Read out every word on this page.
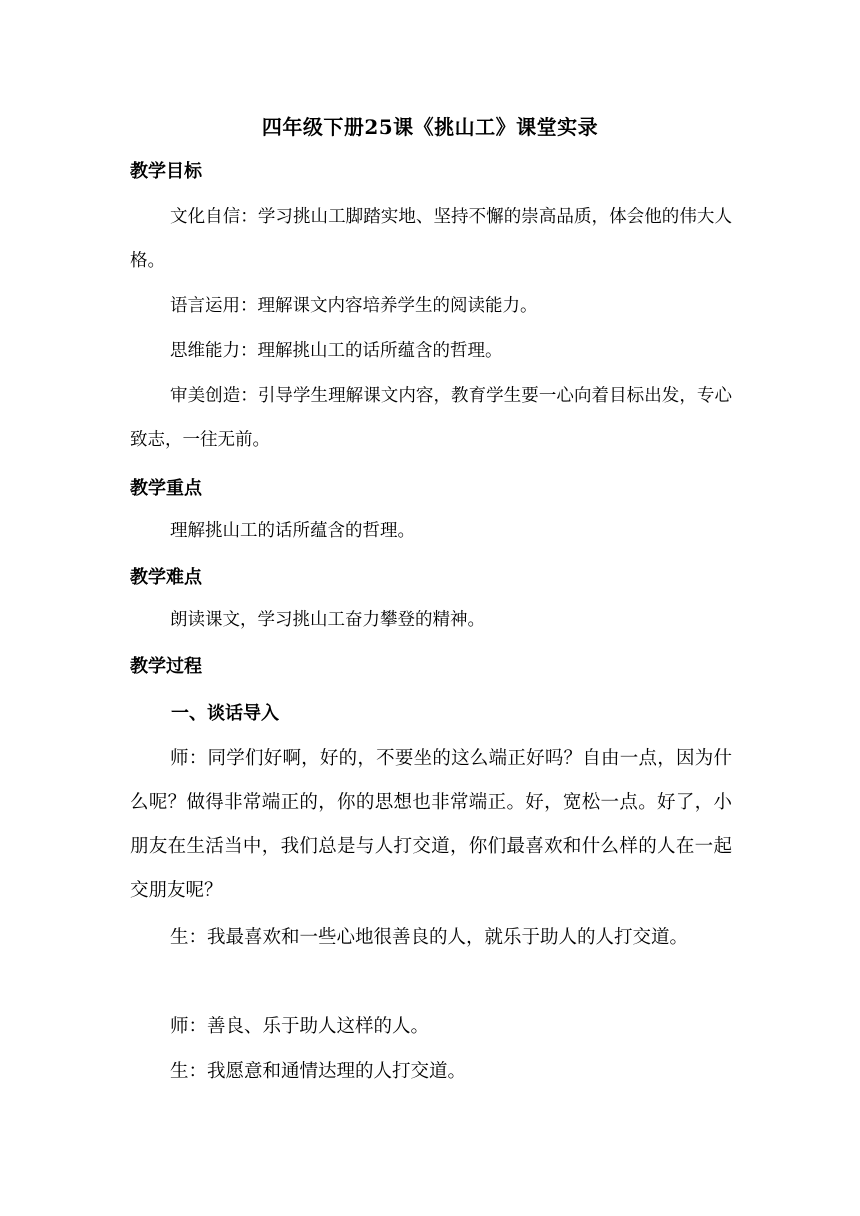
四年级下册25课《挑山工》课堂实录
教学目标
文化自信：学习挑山工脚踏实地、坚持不懈的崇高品质，体会他的伟大人格。
语言运用：理解课文内容培养学生的阅读能力。
思维能力：理解挑山工的话所蕴含的哲理。
审美创造：引导学生理解课文内容，教育学生要一心向着目标出发，专心致志，一往无前。
教学重点
理解挑山工的话所蕴含的哲理。
教学难点
朗读课文，学习挑山工奋力攀登的精神。
教学过程
一、谈话导入
师：同学们好啊，好的，不要坐的这么端正好吗？自由一点，因为什么呢？做得非常端正的，你的思想也非常端正。好，宽松一点。好了，小朋友在生活当中，我们总是与人打交道，你们最喜欢和什么样的人在一起交朋友呢？
生：我最喜欢和一些心地很善良的人，就乐于助人的人打交道。
师：善良、乐于助人这样的人。
生：我愿意和通情达理的人打交道。
